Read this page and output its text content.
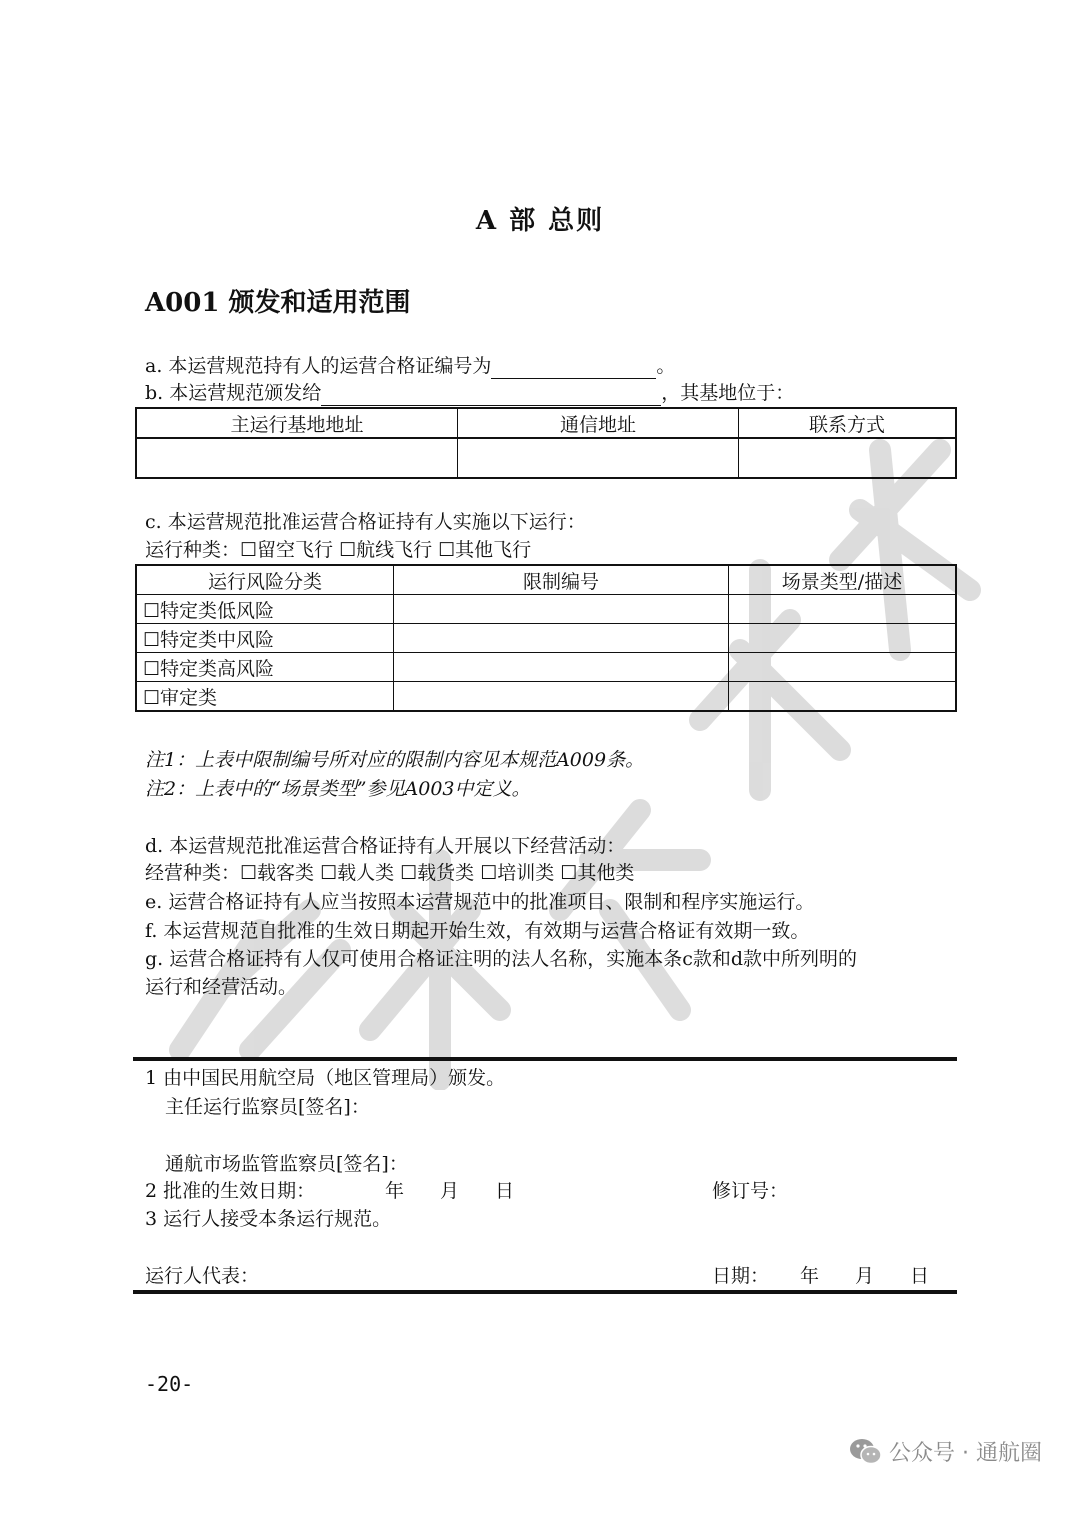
A 部 总则
A001 颁发和适用范围
a. 本运营规范持有人的运营合格证编号为	。
b. 本运营规范颁发给	，其基地位于：
主运行基地地址	通信地址	联系方式

c. 本运营规范批准运营合格证持有人实施以下运行：
运行种类：☐留空飞行 ☐航线飞行 ☐其他飞行
运行风险分类	限制编号	场景类型/描述
☐特定类低风险		
☐特定类中风险		
☐特定类高风险		
☐审定类		
注1：上表中限制编号所对应的限制内容见本规范A009条。
注2：上表中的“场景类型”参见A003中定义。
d. 本运营规范批准运营合格证持有人开展以下经营活动：
经营种类：☐载客类 ☐载人类 ☐载货类 ☐培训类 ☐其他类
e. 运营合格证持有人应当按照本运营规范中的批准项目、限制和程序实施运行。
f. 本运营规范自批准的生效日期起开始生效，有效期与运营合格证有效期一致。
g. 运营合格证持有人仅可使用合格证注明的法人名称，实施本条c款和d款中所列明的
运行和经营活动。
1 由中国民用航空局（地区管理局）颁发。
主任运行监察员[签名]：
通航市场监管监察员[签名]：
2 批准的生效日期：	年 月 日	修订号：
3 运行人接受本条运行规范。
运行人代表：	日期： 年 月 日
-20-
公众号 · 通航圈
